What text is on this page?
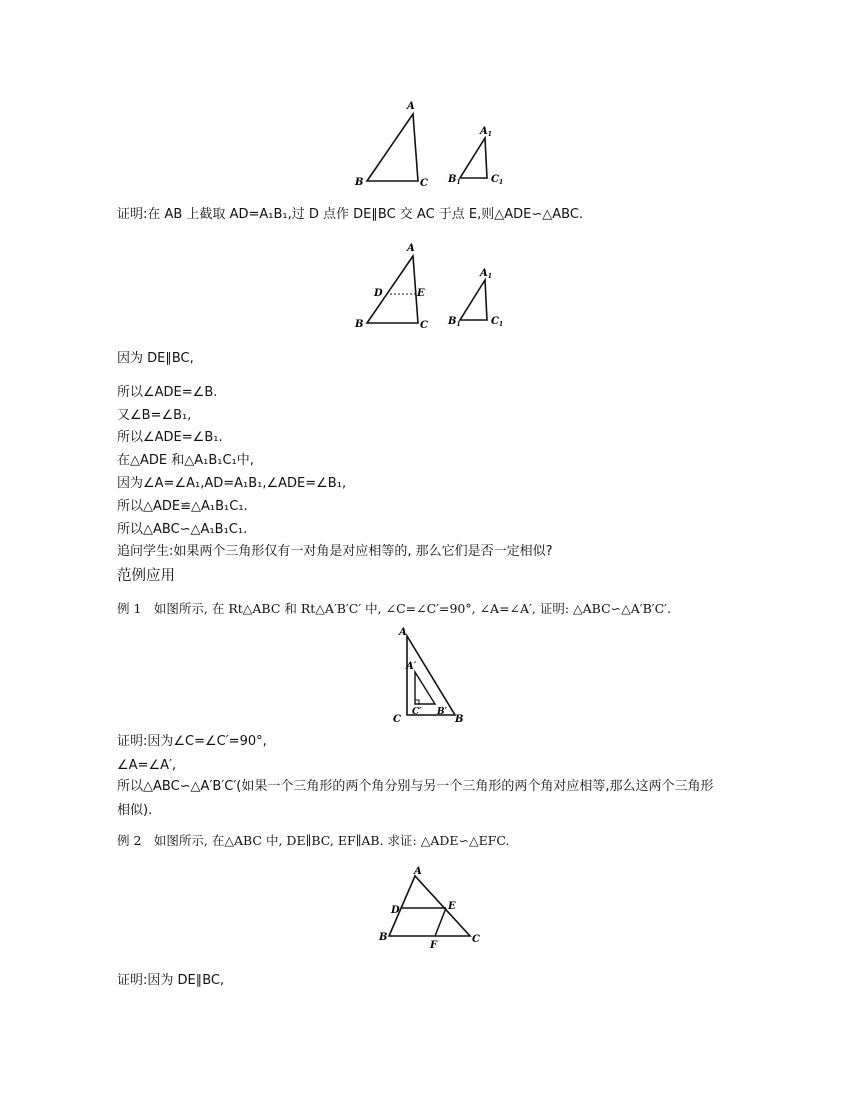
A
B	C
$A_1$
$B_1$	$C_1$
证明:在 AB 上截取 AD=A₁B₁,过 D 点作 DE∥BC 交 AC 于点 E,则△ADE∽△ABC.
A
B	C
D	E
$A_1$
$B_1$	$C_1$
因为 DE∥BC,
所以∠ADE=∠B.
又∠B=∠B₁,
所以∠ADE=∠B₁.
在△ADE 和△A₁B₁C₁中,
因为∠A=∠A₁,AD=A₁B₁,∠ADE=∠B₁,
所以△ADE≌△A₁B₁C₁.
所以△ABC∽△A₁B₁C₁.
追问学生:如果两个三角形仅有一对角是对应相等的, 那么它们是否一定相似?
范例应用
例 1　如图所示, 在 Rt△ABC 和 Rt△A′B′C′ 中, ∠C=∠C′=90°, ∠A=∠A′, 证明: △ABC∽△A′B′C′.
A
A′
C
C′ B′
B
证明:因为∠C=∠C′=90°,
∠A=∠A′,
所以△ABC∽△A′B′C′(如果一个三角形的两个角分别与另一个三角形的两个角对应相等,那么这两个三角形
相似).
例 2　如图所示, 在△ABC 中, DE∥BC, EF∥AB. 求证: △ADE∽△EFC.
A
D	E
B
F
C
证明:因为 DE∥BC,
